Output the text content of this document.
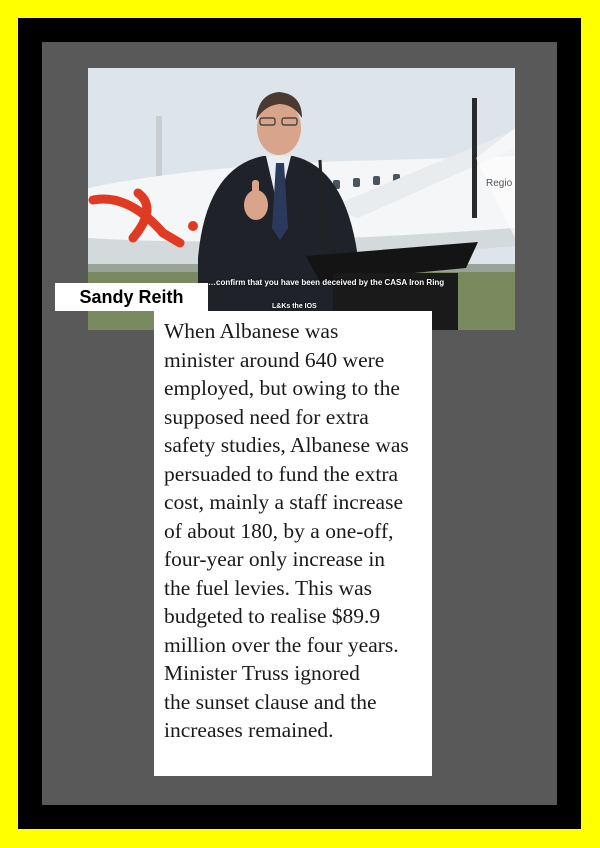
Regio
…confirm that you have been deceived by the CASA Iron Ring
L&Ks the IOS
Sandy Reith

When Albanese was

minister around 640 were

employed, but owing to the

supposed need for extra

safety studies, Albanese was

persuaded to fund the extra

cost, mainly a staff increase

of about 180, by a one-off,

four-year only increase in

the fuel levies. This was

budgeted to realise $89.9

million over the four years.

Minister Truss ignored

the sunset clause and the

increases remained.
